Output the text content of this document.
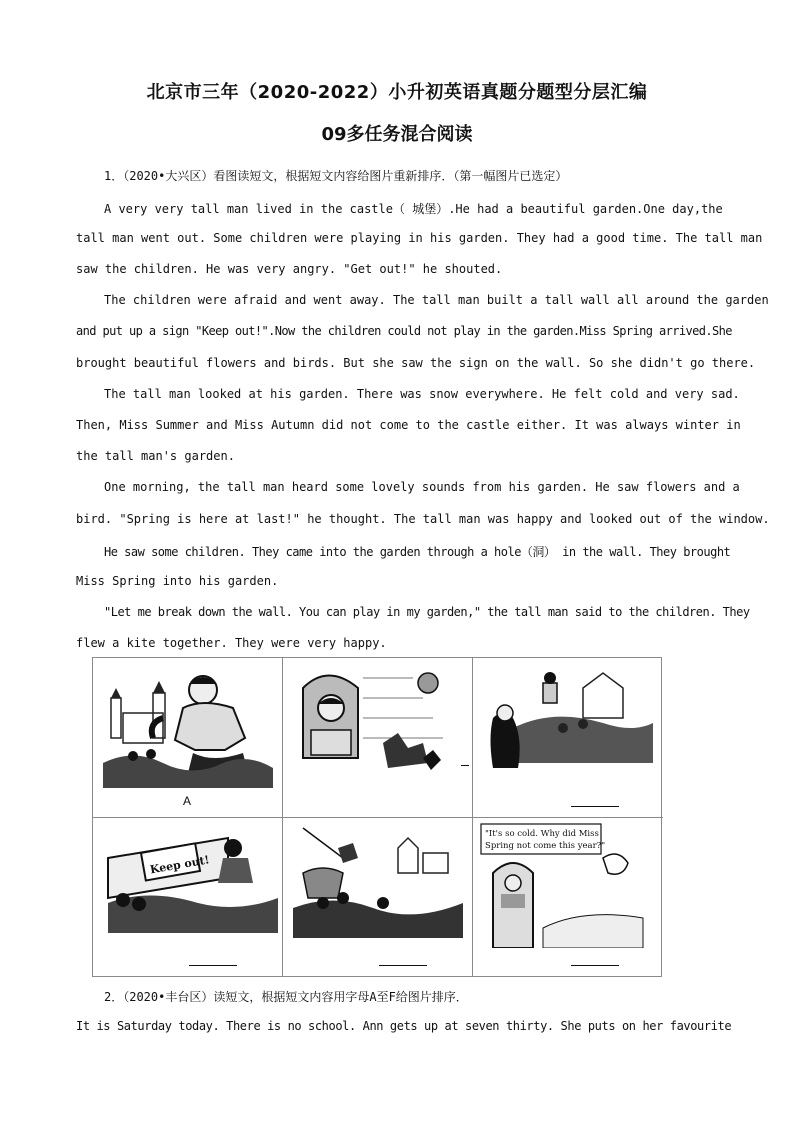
北京市三年（2020-2022）小升初英语真题分题型分层汇编
09多任务混合阅读
1．（2020•大兴区）看图读短文，根据短文内容给图片重新排序．（第一幅图片已选定）
A very very tall man lived in the castle（ 城堡）.He had a beautiful garden.One day,the
tall man went out. Some children were playing in his garden. They had a good time. The tall man
saw the children. He was very angry. "Get out!" he shouted.
The children were afraid and went away. The tall man built a tall wall all around the garden
and put up a sign "Keep out!".Now the children could not play in the garden.Miss Spring arrived.She
brought beautiful flowers and birds. But she saw the sign on the wall. So she didn't go there.
The tall man looked at his garden. There was snow everywhere. He felt cold and very sad.
Then, Miss Summer and Miss Autumn did not come to the castle either. It was always winter in
the tall man's garden.
One morning, the tall man heard some lovely sounds from his garden. He saw flowers and a
bird. "Spring is here at last!" he thought. The tall man was happy and looked out of the window.
He saw some children. They came into the garden through a hole（洞） in the wall. They brought
Miss Spring into his garden.
"Let me break down the wall. You can play in my garden," the tall man said to the children. They
flew a kite together. They were very happy.
A
Keep out!
"It's so cold. Why did Miss
Spring not come this year?"
2．（2020•丰台区）读短文，根据短文内容用字母A至F给图片排序．
It is Saturday today. There is no school. Ann gets up at seven thirty. She puts on her favourite
